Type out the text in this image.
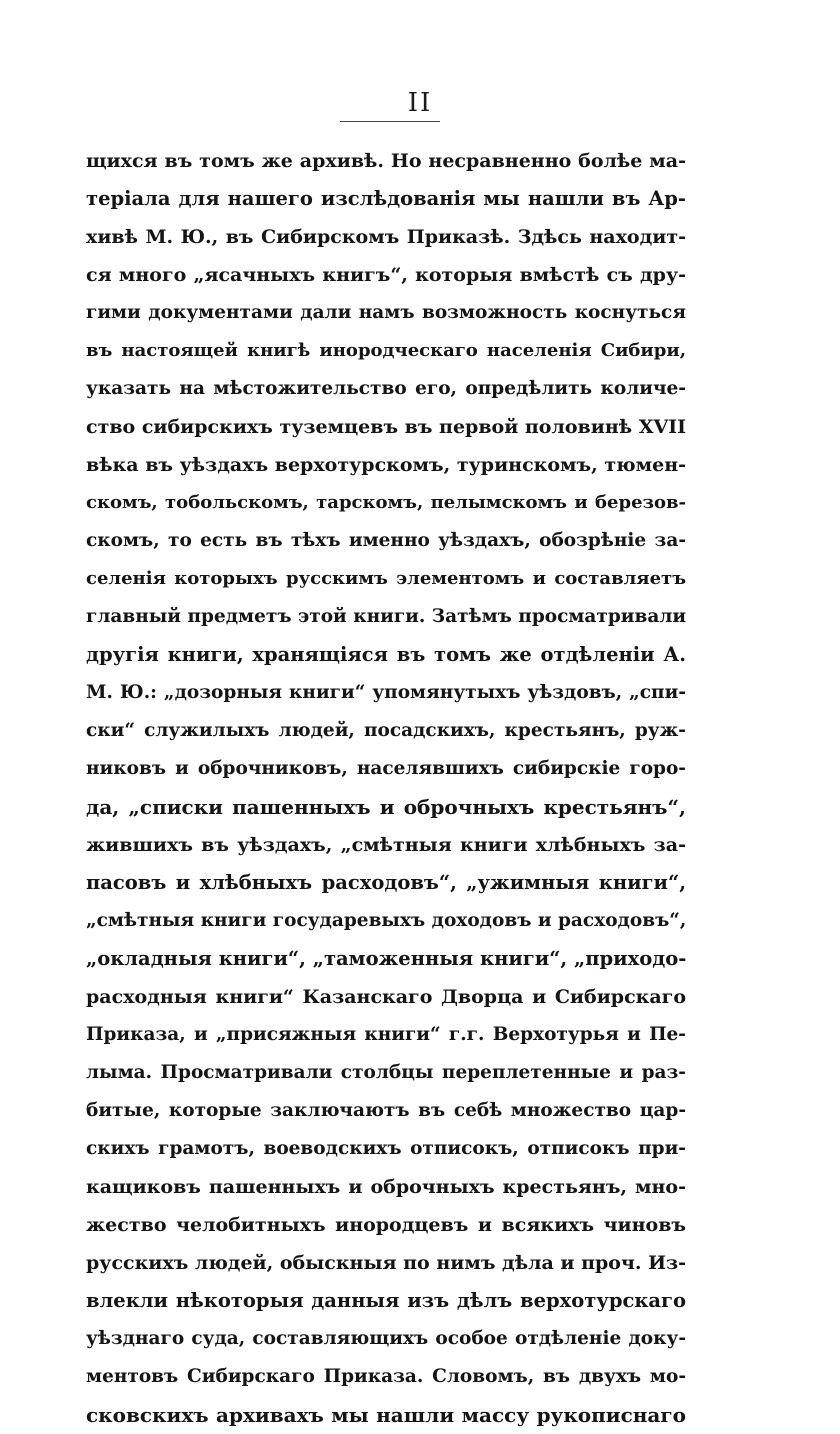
II
щихся въ томъ же архивѣ. Но несравненно болѣе ма-
теріала для нашего изслѣдованія мы нашли въ Ар-
хивѣ М. Ю., въ Сибирскомъ Приказѣ. Здѣсь находит-
ся много „ясачныхъ книгъ“, которыя вмѣстѣ съ дру-
гими документами дали намъ возможность коснуться
въ настоящей книгѣ инородческаго населенія Сибири,
указать на мѣстожительство его, опредѣлить количе-
ство сибирскихъ туземцевъ въ первой половинѣ XVII
вѣка въ уѣздахъ верхотурскомъ, туринскомъ, тюмен-
скомъ, тобольскомъ, тарскомъ, пелымскомъ и березов-
скомъ, то есть въ тѣхъ именно уѣздахъ, обозрѣніе за-
селенія которыхъ русскимъ элементомъ и составляетъ
главный предметъ этой книги. Затѣмъ просматривали
другія книги, хранящіяся въ томъ же отдѣленіи А.
М. Ю.: „дозорныя книги“ упомянутыхъ уѣздовъ, „спи-
ски“ служилыхъ людей, посадскихъ, крестьянъ, руж-
никовъ и оброчниковъ, населявшихъ сибирскіе горо-
да, „списки пашенныхъ и оброчныхъ крестьянъ“,
жившихъ въ уѣздахъ, „смѣтныя книги хлѣбныхъ за-
пасовъ и хлѣбныхъ расходовъ“, „ужимныя книги“,
„смѣтныя книги государевыхъ доходовъ и расходовъ“,
„окладныя книги“, „таможенныя книги“, „приходо-
расходныя книги“ Казанскаго Дворца и Сибирскаго
Приказа, и „присяжныя книги“ г.г. Верхотурья и Пе-
лыма. Просматривали столбцы переплетенные и раз-
битые, которые заключаютъ въ себѣ множество цар-
скихъ грамотъ, воеводскихъ отписокъ, отписокъ при-
кащиковъ пашенныхъ и оброчныхъ крестьянъ, мно-
жество челобитныхъ инородцевъ и всякихъ чиновъ
русскихъ людей, обыскныя по нимъ дѣла и проч. Из-
влекли нѣкоторыя данныя изъ дѣлъ верхотурскаго
уѣзднаго суда, составляющихъ особое отдѣленіе доку-
ментовъ Сибирскаго Приказа. Словомъ, въ двухъ мо-
сковскихъ архивахъ мы нашли массу рукописнаго
